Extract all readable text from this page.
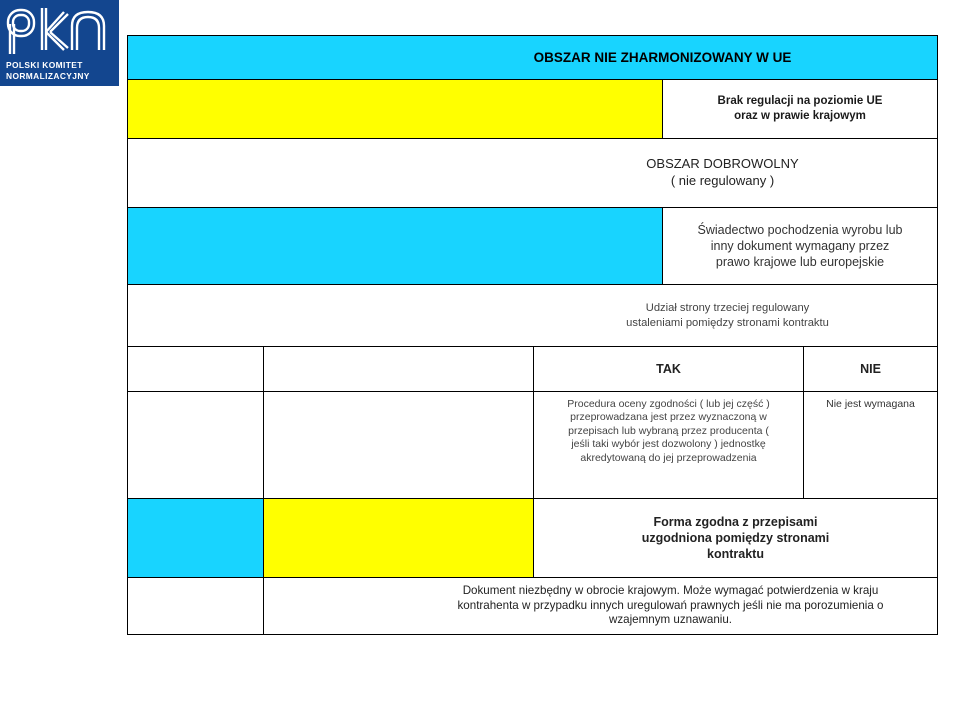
POLSKI KOMITET
NORMALIZACYJNY
OBSZAR NIE ZHARMONIZOWANY W UE
Brak regulacji na poziomie UE
oraz w prawie krajowym
OBSZAR DOBROWOLNY
( nie regulowany )
Świadectwo pochodzenia wyrobu lub
inny dokument wymagany przez
prawo krajowe lub europejskie
Udział strony trzeciej regulowany
ustaleniami pomiędzy stronami kontraktu
TAK	NIE
Procedura oceny zgodności ( lub jej część )
przeprowadzana jest przez wyznaczoną w
przepisach lub wybraną przez producenta (
jeśli taki wybór jest dozwolony ) jednostkę
akredytowaną do jej przeprowadzenia
Nie jest wymagana
Forma zgodna z przepisami
uzgodniona pomiędzy stronami
kontraktu
Dokument niezbędny w obrocie krajowym. Może wymagać potwierdzenia w kraju
kontrahenta w przypadku innych uregulowań prawnych jeśli nie ma porozumienia o
wzajemnym uznawaniu.
